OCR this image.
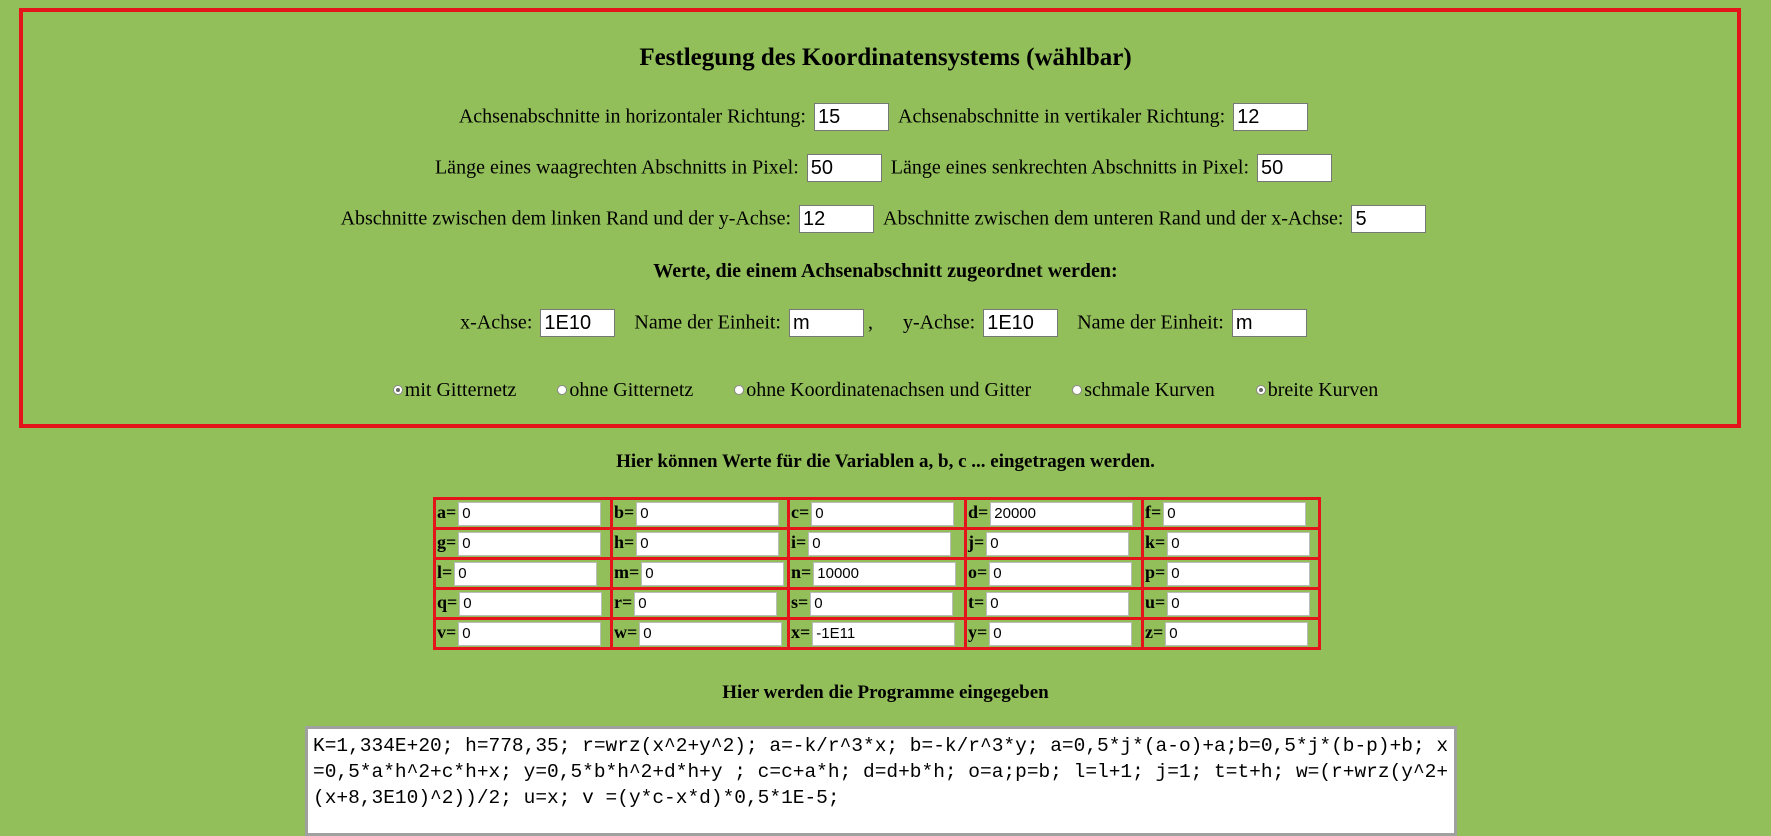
Festlegung des Koordinatensystems (wählbar)
Achsenabschnitte in horizontaler Richtung: 15	Achsenabschnitte in vertikaler Richtung: 12
Länge eines waagrechten Abschnitts in Pixel: 50	Länge eines senkrechten Abschnitts in Pixel: 50
Abschnitte zwischen dem linken Rand und der y-Achse: 12	Abschnitte zwischen dem unteren Rand und der x-Achse: 5
Werte, die einem Achsenabschnitt zugeordnet werden:
x-Achse: 1E10	Name der Einheit: m	, y-Achse: 1E10	Name der Einheit: m
mit Gitternetz	ohne Gitternetz	ohne Koordinatenachsen und Gitter	schmale Kurven	breite Kurven
Hier können Werte für die Variablen a, b, c ... eingetragen werden.
a=0	b=0	c=0	d=20000	f=0
g=0	h=0	i=0	j=0	k=0
l=0	m=0	n=10000	o=0	p=0
q=0	r=0	s=0	t=0	u=0
v=0	w=0	x=-1E11	y=0	z=0
Hier werden die Programme eingegeben
K=1,334E+20; h=778,35; r=wrz(x^2+y^2); a=-k/r^3*x; b=-k/r^3*y; a=0,5*j*(a-o)+a;b=0,5*j*(b-p)+b; x=0,5*a*h^2+c*h+x; y=0,5*b*h^2+d*h+y ; c=c+a*h; d=d+b*h; o=a;p=b; l=l+1; j=1; t=t+h; w=(r+wrz(y^2+(x+8,3E10)^2))/2; u=x; v =(y*c-x*d)*0,5*1E-5;
